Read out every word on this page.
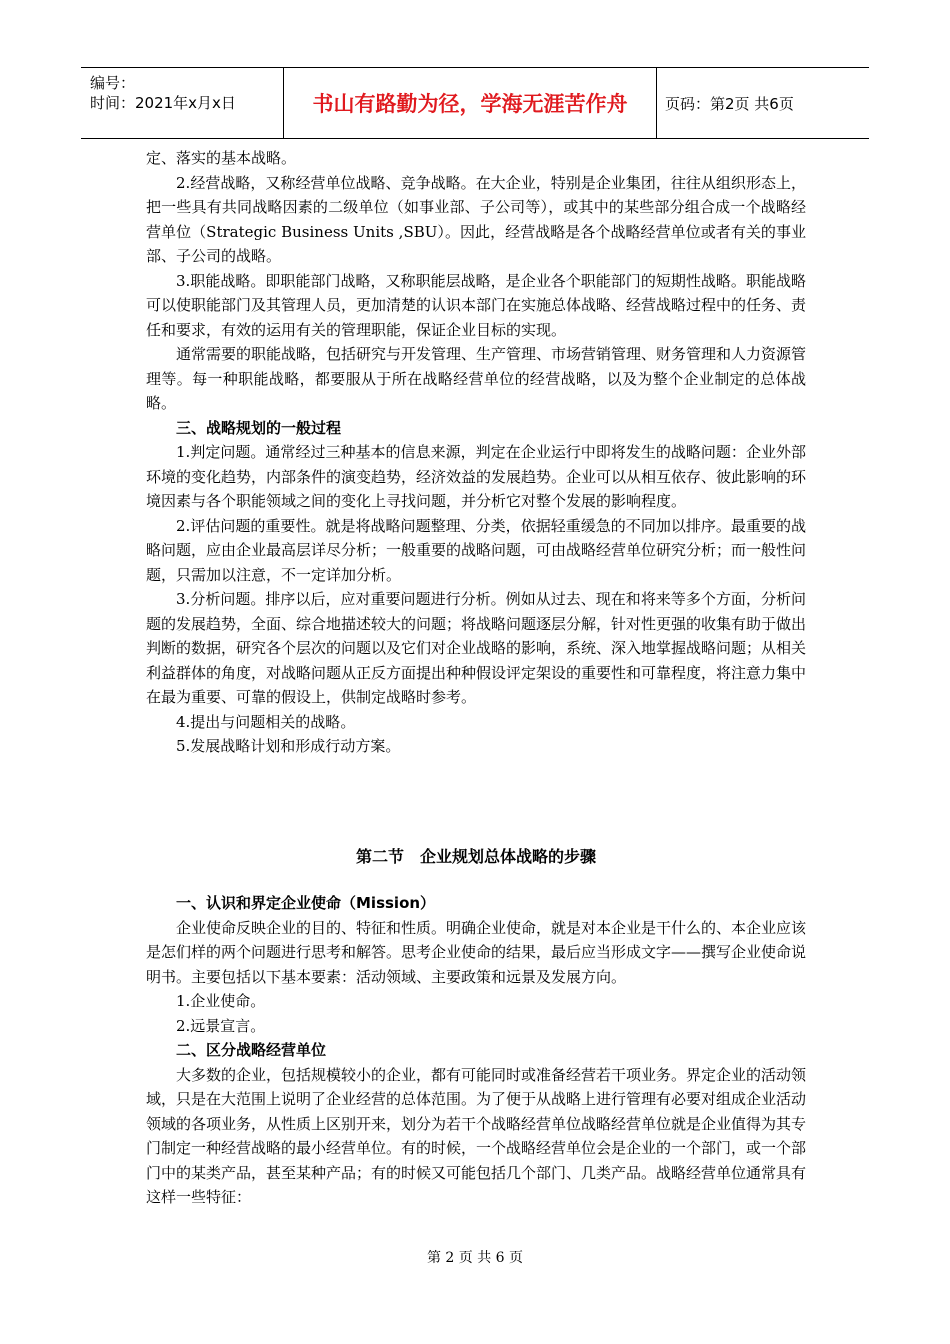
编号：
时间：2021年x月x日	书山有路勤为径，学海无涯苦作舟	页码：第2页 共6页

定、落实的基本战略。

2.经营战略，又称经营单位战略、竞争战略。在大企业，特别是企业集团，往往从组织形态上，把一些具有共同战略因素的二级单位（如事业部、子公司等），或其中的某些部分组合成一个战略经营单位（Strategic Business Units ,SBU）。因此，经营战略是各个战略经营单位或者有关的事业部、子公司的战略。

3.职能战略。即职能部门战略，又称职能层战略，是企业各个职能部门的短期性战略。职能战略可以使职能部门及其管理人员，更加清楚的认识本部门在实施总体战略、经营战略过程中的任务、责任和要求，有效的运用有关的管理职能，保证企业目标的实现。

通常需要的职能战略，包括研究与开发管理、生产管理、市场营销管理、财务管理和人力资源管理等。每一种职能战略，都要服从于所在战略经营单位的经营战略，以及为整个企业制定的总体战略。

三、战略规划的一般过程

1.判定问题。通常经过三种基本的信息来源，判定在企业运行中即将发生的战略问题：企业外部环境的变化趋势，内部条件的演变趋势，经济效益的发展趋势。企业可以从相互依存、彼此影响的环境因素与各个职能领域之间的变化上寻找问题，并分析它对整个发展的影响程度。

2.评估问题的重要性。就是将战略问题整理、分类，依据轻重缓急的不同加以排序。最重要的战略问题，应由企业最高层详尽分析；一般重要的战略问题，可由战略经营单位研究分析；而一般性问题，只需加以注意，不一定详加分析。

3.分析问题。排序以后，应对重要问题进行分析。例如从过去、现在和将来等多个方面，分析问题的发展趋势，全面、综合地描述较大的问题；将战略问题逐层分解，针对性更强的收集有助于做出判断的数据，研究各个层次的问题以及它们对企业战略的影响，系统、深入地掌握战略问题；从相关利益群体的角度，对战略问题从正反方面提出种种假设评定架设的重要性和可靠程度，将注意力集中在最为重要、可靠的假设上，供制定战略时参考。

4.提出与问题相关的战略。

5.发展战略计划和形成行动方案。

第二节　企业规划总体战略的步骤

一、认识和界定企业使命（Mission）

企业使命反映企业的目的、特征和性质。明确企业使命，就是对本企业是干什么的、本企业应该是怎们样的两个问题进行思考和解答。思考企业使命的结果，最后应当形成文字——撰写企业使命说明书。主要包括以下基本要素：活动领域、主要政策和远景及发展方向。

1.企业使命。

2.远景宣言。

二、区分战略经营单位

大多数的企业，包括规模较小的企业，都有可能同时或准备经营若干项业务。界定企业的活动领域，只是在大范围上说明了企业经营的总体范围。为了便于从战略上进行管理有必要对组成企业活动领域的各项业务，从性质上区别开来，划分为若干个战略经营单位战略经营单位就是企业值得为其专门制定一种经营战略的最小经营单位。有的时候，一个战略经营单位会是企业的一个部门，或一个部门中的某类产品，甚至某种产品；有的时候又可能包括几个部门、几类产品。战略经营单位通常具有这样一些特征：

第 2 页 共 6 页
